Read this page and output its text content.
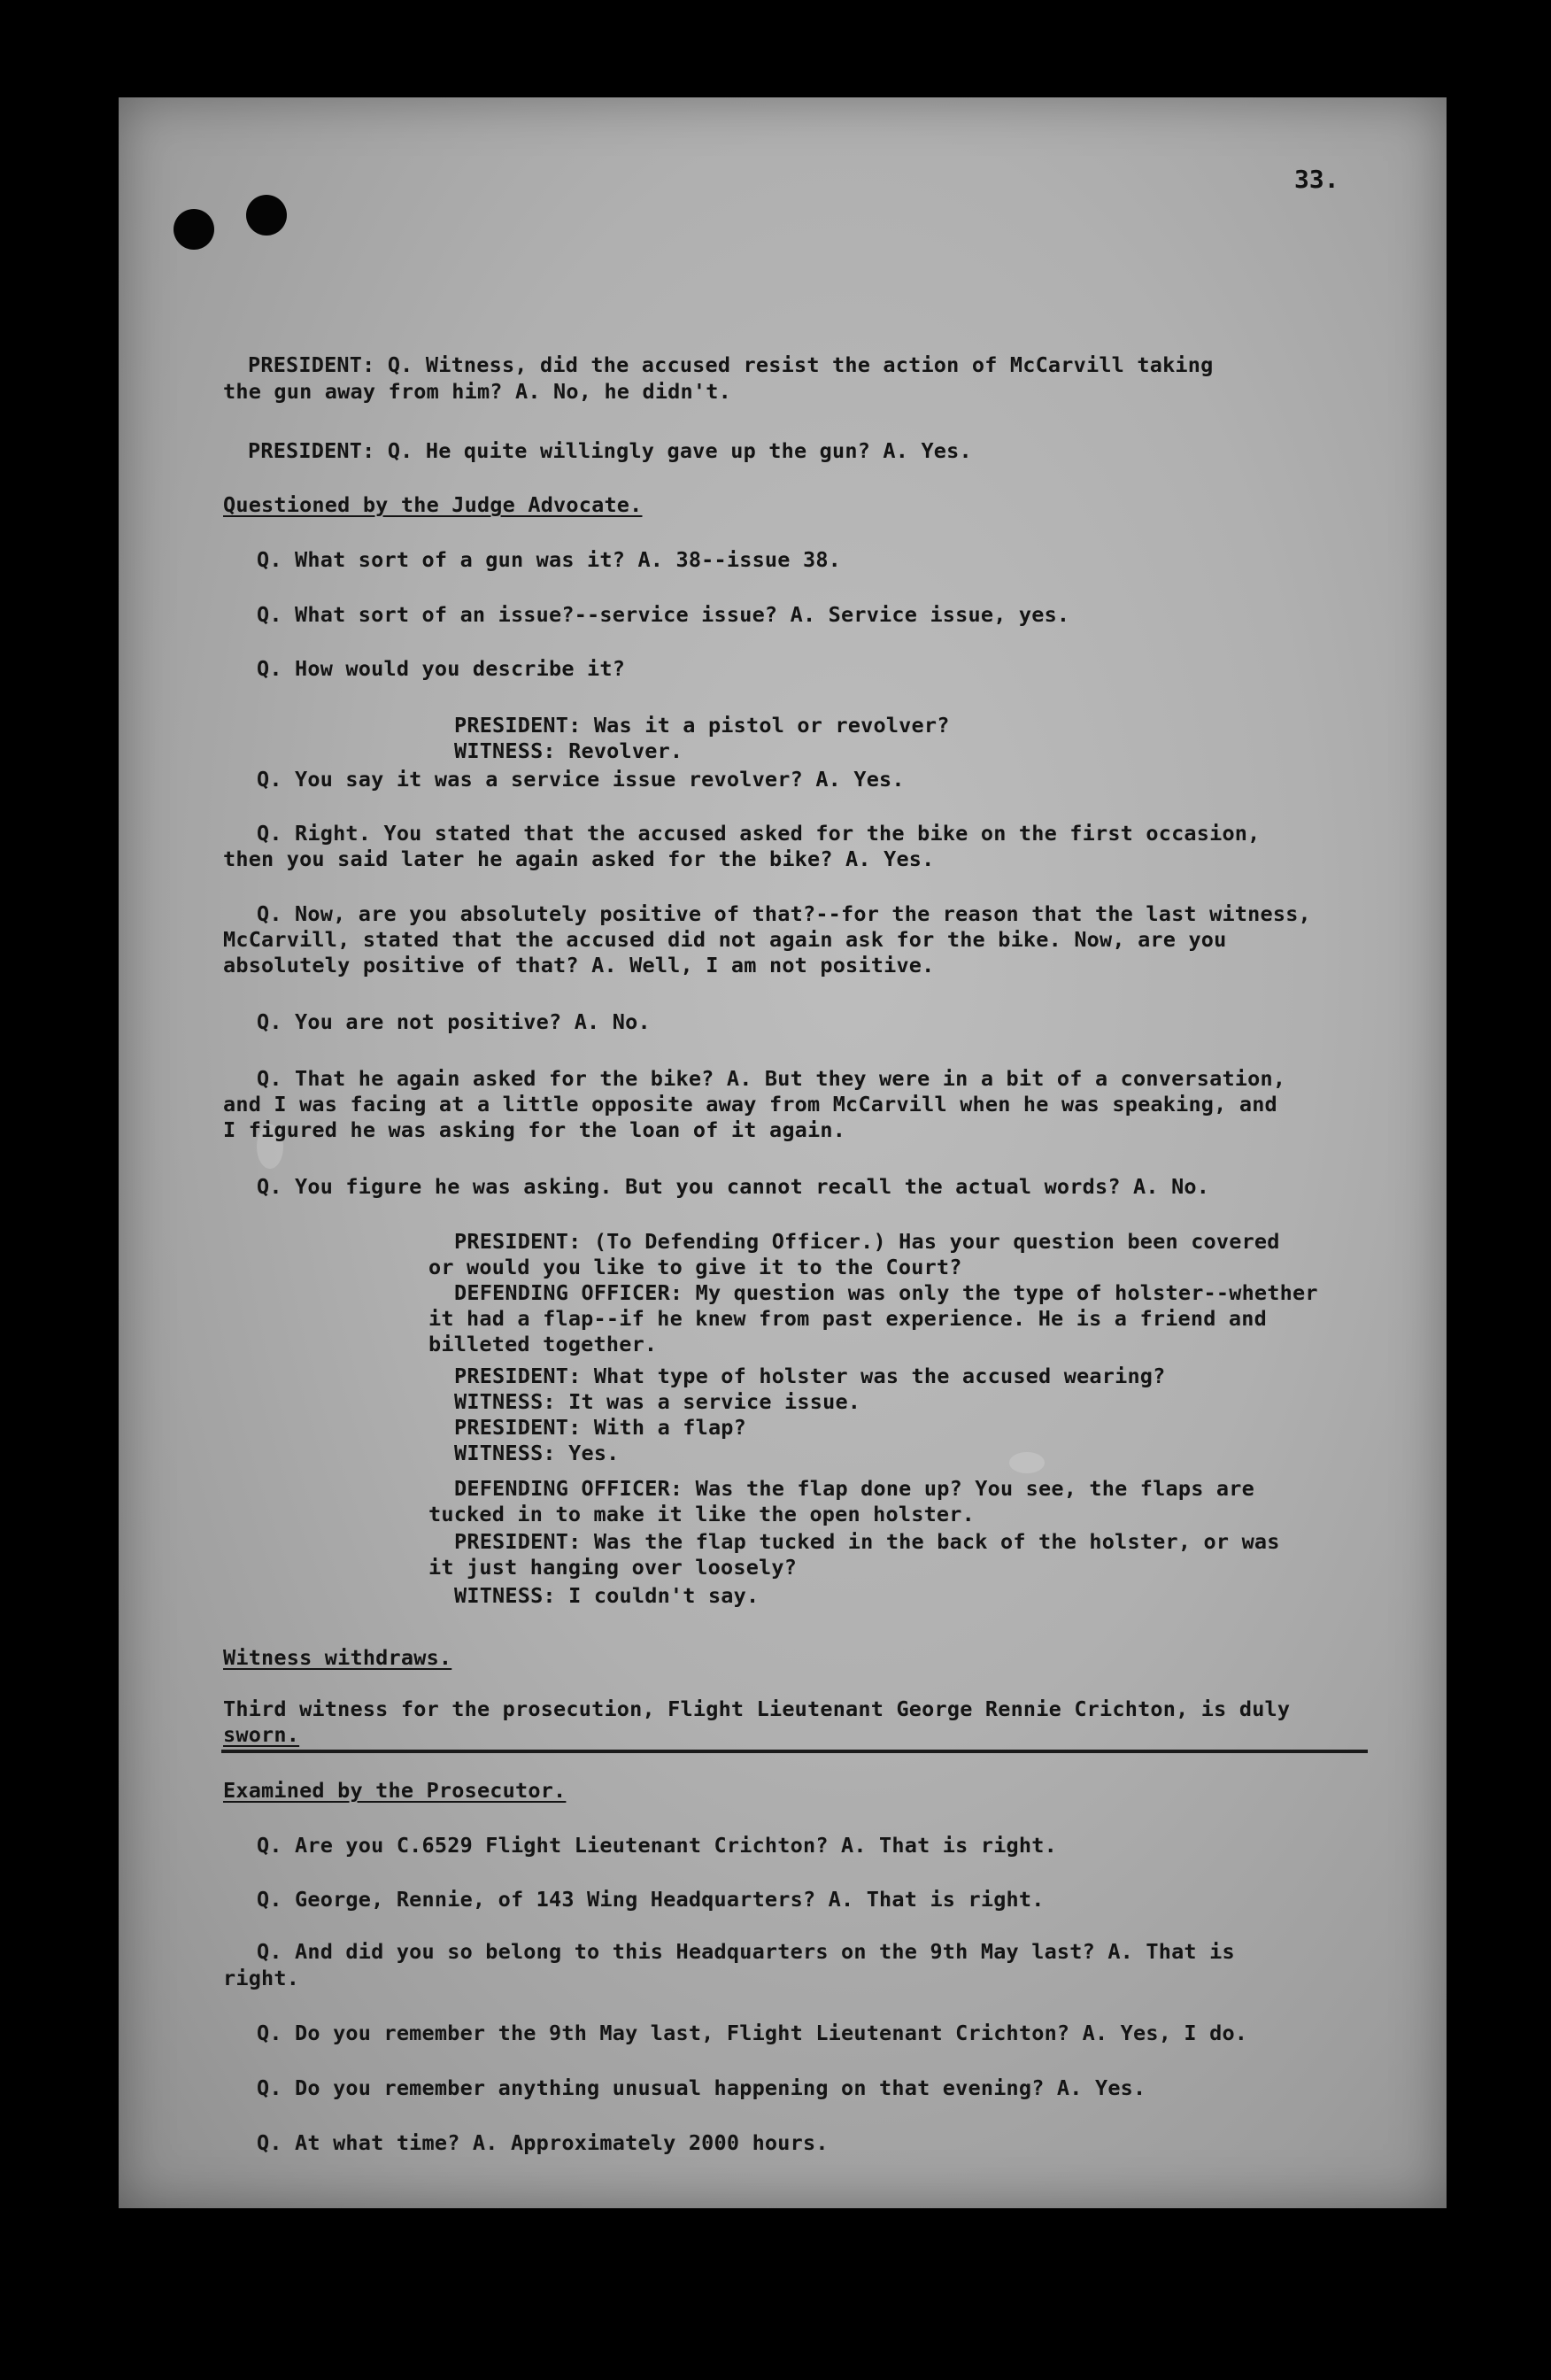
33.
PRESIDENT: Q. Witness, did the accused resist the action of McCarvill taking
the gun away from him? A. No, he didn't.
PRESIDENT: Q. He quite willingly gave up the gun? A. Yes.
Questioned by the Judge Advocate.
Q. What sort of a gun was it? A. 38--issue 38.
Q. What sort of an issue?--service issue? A. Service issue, yes.
Q. How would you describe it?
PRESIDENT: Was it a pistol or revolver?
WITNESS: Revolver.
Q. You say it was a service issue revolver? A. Yes.
Q. Right. You stated that the accused asked for the bike on the first occasion,
then you said later he again asked for the bike? A. Yes.
Q. Now, are you absolutely positive of that?--for the reason that the last witness,
McCarvill, stated that the accused did not again ask for the bike. Now, are you
absolutely positive of that? A. Well, I am not positive.
Q. You are not positive? A. No.
Q. That he again asked for the bike? A. But they were in a bit of a conversation,
and I was facing at a little opposite away from McCarvill when he was speaking, and
I figured he was asking for the loan of it again.
Q. You figure he was asking. But you cannot recall the actual words? A. No.
PRESIDENT: (To Defending Officer.) Has your question been covered
or would you like to give it to the Court?
DEFENDING OFFICER: My question was only the type of holster--whether
it had a flap--if he knew from past experience. He is a friend and
billeted together.
PRESIDENT: What type of holster was the accused wearing?
WITNESS: It was a service issue.
PRESIDENT: With a flap?
WITNESS: Yes.
DEFENDING OFFICER: Was the flap done up? You see, the flaps are
tucked in to make it like the open holster.
PRESIDENT: Was the flap tucked in the back of the holster, or was
it just hanging over loosely?
WITNESS: I couldn't say.
Witness withdraws.
Third witness for the prosecution, Flight Lieutenant George Rennie Crichton, is duly
sworn.
Examined by the Prosecutor.
Q. Are you C.6529 Flight Lieutenant Crichton? A. That is right.
Q. George, Rennie, of 143 Wing Headquarters? A. That is right.
Q. And did you so belong to this Headquarters on the 9th May last? A. That is
right.
Q. Do you remember the 9th May last, Flight Lieutenant Crichton? A. Yes, I do.
Q. Do you remember anything unusual happening on that evening? A. Yes.
Q. At what time? A. Approximately 2000 hours.
